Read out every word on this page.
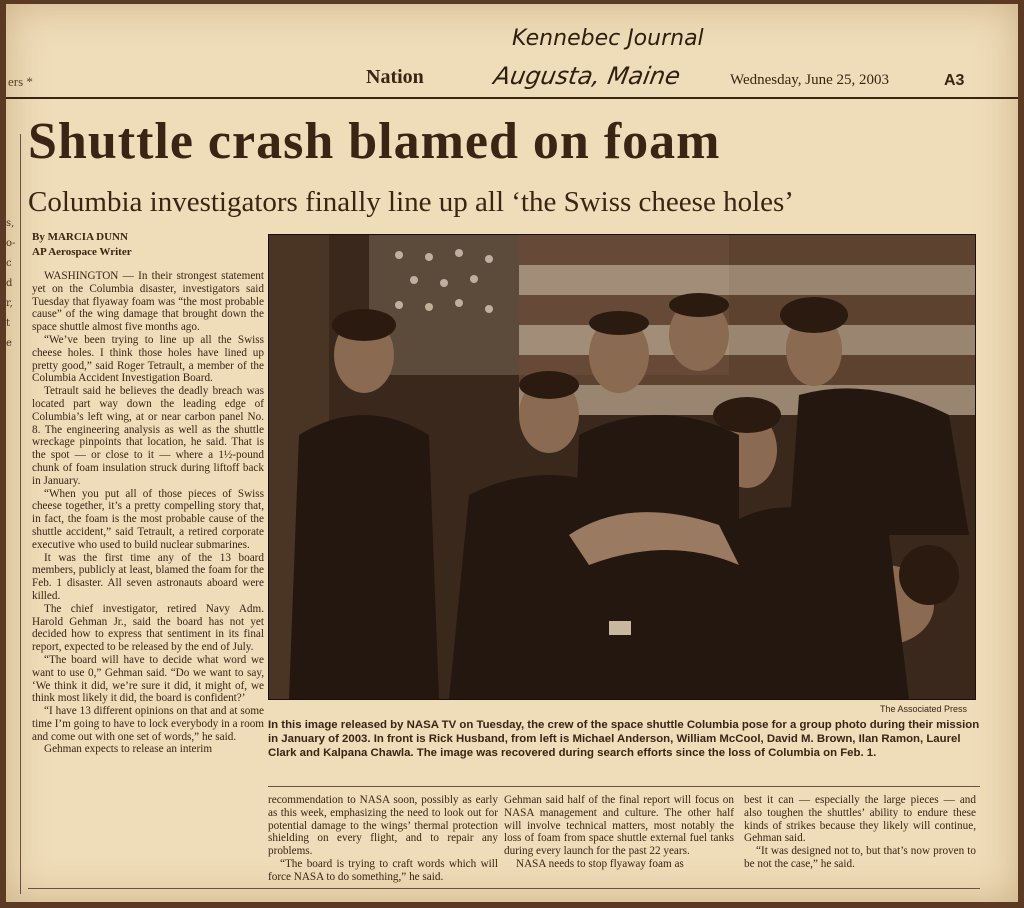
ers *	Nation
Kennebec Journal
Augusta, Maine	Wednesday, June 25, 2003	A3
s,
o-
c
d
r,
t
e
Shuttle crash blamed on foam
Columbia investigators finally line up all ‘the Swiss cheese holes’
By MARCIA DUNN
AP Aerospace Writer

WASHINGTON — In their strongest statement yet on the Columbia disaster, investigators said Tuesday that flyaway foam was “the most probable cause” of the wing damage that brought down the space shuttle almost five months ago.

“We’ve been trying to line up all the Swiss cheese holes. I think those holes have lined up pretty good,” said Roger Tetrault, a member of the Columbia Accident Investigation Board.

Tetrault said he believes the deadly breach was located part way down the leading edge of Columbia’s left wing, at or near carbon panel No. 8. The engineering analysis as well as the shuttle wreckage pinpoints that location, he said. That is the spot — or close to it — where a 1½-pound chunk of foam insulation struck during liftoff back in January.

“When you put all of those pieces of Swiss cheese together, it’s a pretty compelling story that, in fact, the foam is the most probable cause of the shuttle accident,” said Tetrault, a retired corporate executive who used to build nuclear submarines.

It was the first time any of the 13 board members, publicly at least, blamed the foam for the Feb. 1 disaster. All seven astronauts aboard were killed.

The chief investigator, retired Navy Adm. Harold Gehman Jr., said the board has not yet decided how to express that sentiment in its final report, expected to be released by the end of July.

“The board will have to decide what word we want to use 0,” Gehman said. “Do we want to say, ‘We think it did, we’re sure it did, it might of, we think most likely it did, the board is confident?’

“I have 13 different opinions on that and at some time I’m going to have to lock everybody in a room and come out with one set of words,” he said.

Gehman expects to release an interim

The Associated Press
In this image released by NASA TV on Tuesday, the crew of the space shuttle Columbia pose for a group photo during their mission in January of 2003. In front is Rick Husband, from left is Michael Anderson, William McCool, David M. Brown, Ilan Ramon, Laurel Clark and Kalpana Chawla. The image was recovered during search efforts since the loss of Columbia on Feb. 1.

recommendation to NASA soon, possibly as early as this week, emphasizing the need to look out for potential damage to the wings’ thermal protection shielding on every flight, and to repair any problems.

“The board is trying to craft words which will force NASA to do something,” he said.

Gehman said half of the final report will focus on NASA management and culture. The other half will involve technical matters, most notably the loss of foam from space shuttle external fuel tanks during every launch for the past 22 years.

NASA needs to stop flyaway foam as

best it can — especially the large pieces — and also toughen the shuttles’ ability to endure these kinds of strikes because they likely will continue, Gehman said.

“It was designed not to, but that’s now proven to be not the case,” he said.
